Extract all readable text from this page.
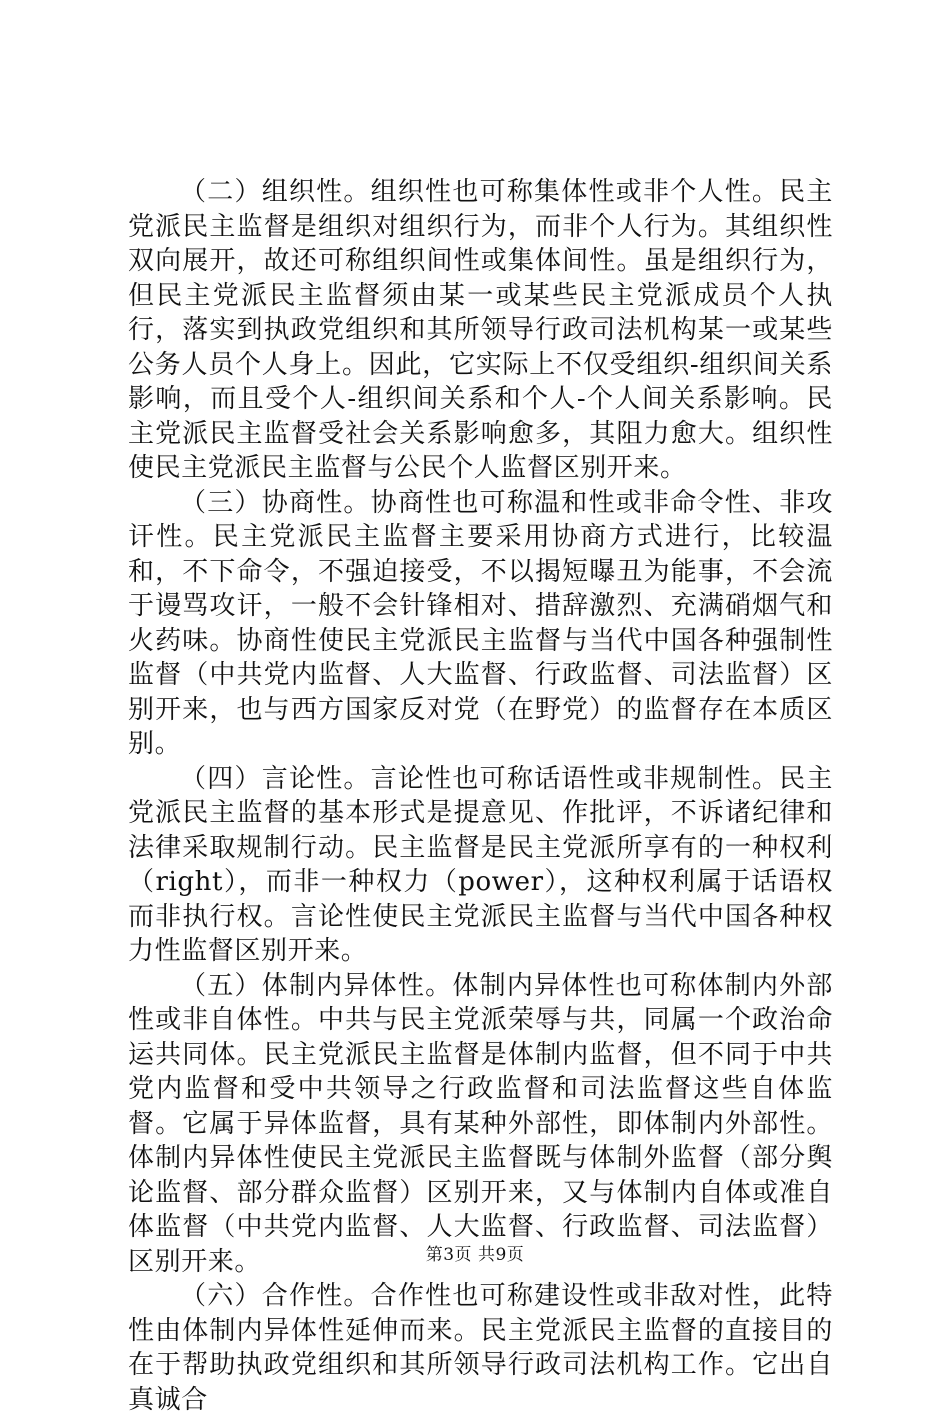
（二）组织性。组织性也可称集体性或非个人性。民主党派民主监督是组织对组织行为，而非个人行为。其组织性双向展开，故还可称组织间性或集体间性。虽是组织行为，但民主党派民主监督须由某一或某些民主党派成员个人执行，落实到执政党组织和其所领导行政司法机构某一或某些公务人员个人身上。因此，它实际上不仅受组织-组织间关系影响，而且受个人-组织间关系和个人-个人间关系影响。民主党派民主监督受社会关系影响愈多，其阻力愈大。组织性使民主党派民主监督与公民个人监督区别开来。

（三）协商性。协商性也可称温和性或非命令性、非攻讦性。民主党派民主监督主要采用协商方式进行，比较温和，不下命令，不强迫接受，不以揭短曝丑为能事，不会流于谩骂攻讦，一般不会针锋相对、措辞激烈、充满硝烟气和火药味。协商性使民主党派民主监督与当代中国各种强制性监督（中共党内监督、人大监督、行政监督、司法监督）区别开来，也与西方国家反对党（在野党）的监督存在本质区别。

（四）言论性。言论性也可称话语性或非规制性。民主党派民主监督的基本形式是提意见、作批评，不诉诸纪律和法律采取规制行动。民主监督是民主党派所享有的一种权利（right），而非一种权力（power），这种权利属于话语权而非执行权。言论性使民主党派民主监督与当代中国各种权力性监督区别开来。

（五）体制内异体性。体制内异体性也可称体制内外部性或非自体性。中共与民主党派荣辱与共，同属一个政治命运共同体。民主党派民主监督是体制内监督，但不同于中共党内监督和受中共领导之行政监督和司法监督这些自体监督。它属于异体监督，具有某种外部性，即体制内外部性。体制内异体性使民主党派民主监督既与体制外监督（部分舆论监督、部分群众监督）区别开来，又与体制内自体或准自体监督（中共党内监督、人大监督、行政监督、司法监督）区别开来。

（六）合作性。合作性也可称建设性或非敌对性，此特性由体制内异体性延伸而来。民主党派民主监督的直接目的在于帮助执政党组织和其所领导行政司法机构工作。它出自真诚合

第3页 共9页
